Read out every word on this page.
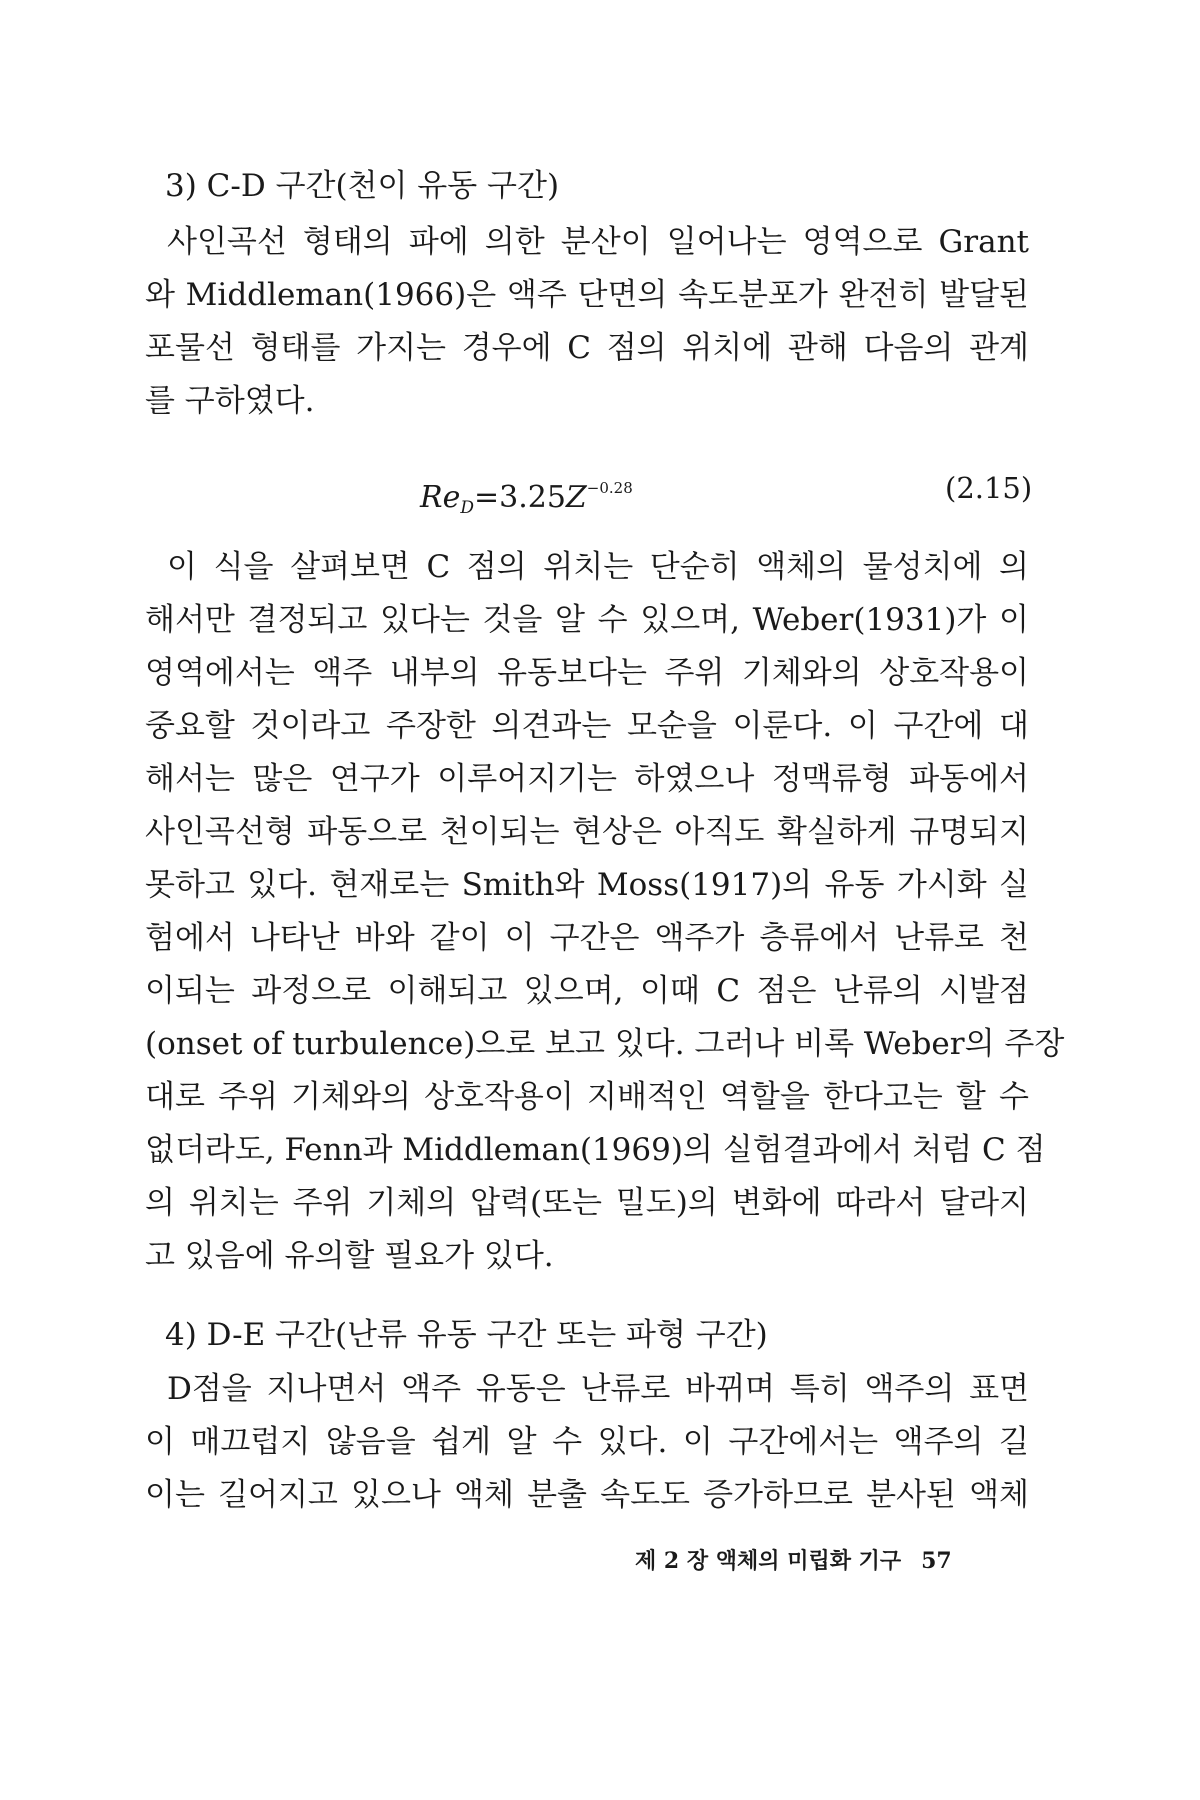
3) C-D 구간(천이 유동 구간)
사인곡선 형태의 파에 의한 분산이 일어나는 영역으로 Grant
와 Middleman(1966)은 액주 단면의 속도분포가 완전히 발달된
포물선 형태를 가지는 경우에 C 점의 위치에 관해 다음의 관계
를 구하였다.
$Re_D=3.25Z^{-0.28}$	(2.15)
이 식을 살펴보면 C 점의 위치는 단순히 액체의 물성치에 의
해서만 결정되고 있다는 것을 알 수 있으며, Weber(1931)가 이
영역에서는 액주 내부의 유동보다는 주위 기체와의 상호작용이
중요할 것이라고 주장한 의견과는 모순을 이룬다. 이 구간에 대
해서는 많은 연구가 이루어지기는 하였으나 정맥류형 파동에서
사인곡선형 파동으로 천이되는 현상은 아직도 확실하게 규명되지
못하고 있다. 현재로는 Smith와 Moss(1917)의 유동 가시화 실
험에서 나타난 바와 같이 이 구간은 액주가 층류에서 난류로 천
이되는 과정으로 이해되고 있으며, 이때 C 점은 난류의 시발점
(onset of turbulence)으로 보고 있다. 그러나 비록 Weber의 주장
대로 주위 기체와의 상호작용이 지배적인 역할을 한다고는 할 수
없더라도, Fenn과 Middleman(1969)의 실험결과에서 처럼 C 점
의 위치는 주위 기체의 압력(또는 밀도)의 변화에 따라서 달라지
고 있음에 유의할 필요가 있다.
4) D-E 구간(난류 유동 구간 또는 파형 구간)
D점을 지나면서 액주 유동은 난류로 바뀌며 특히 액주의 표면
이 매끄럽지 않음을 쉽게 알 수 있다. 이 구간에서는 액주의 길
이는 길어지고 있으나 액체 분출 속도도 증가하므로 분사된 액체
제 2 장 액체의 미립화 기구 57
